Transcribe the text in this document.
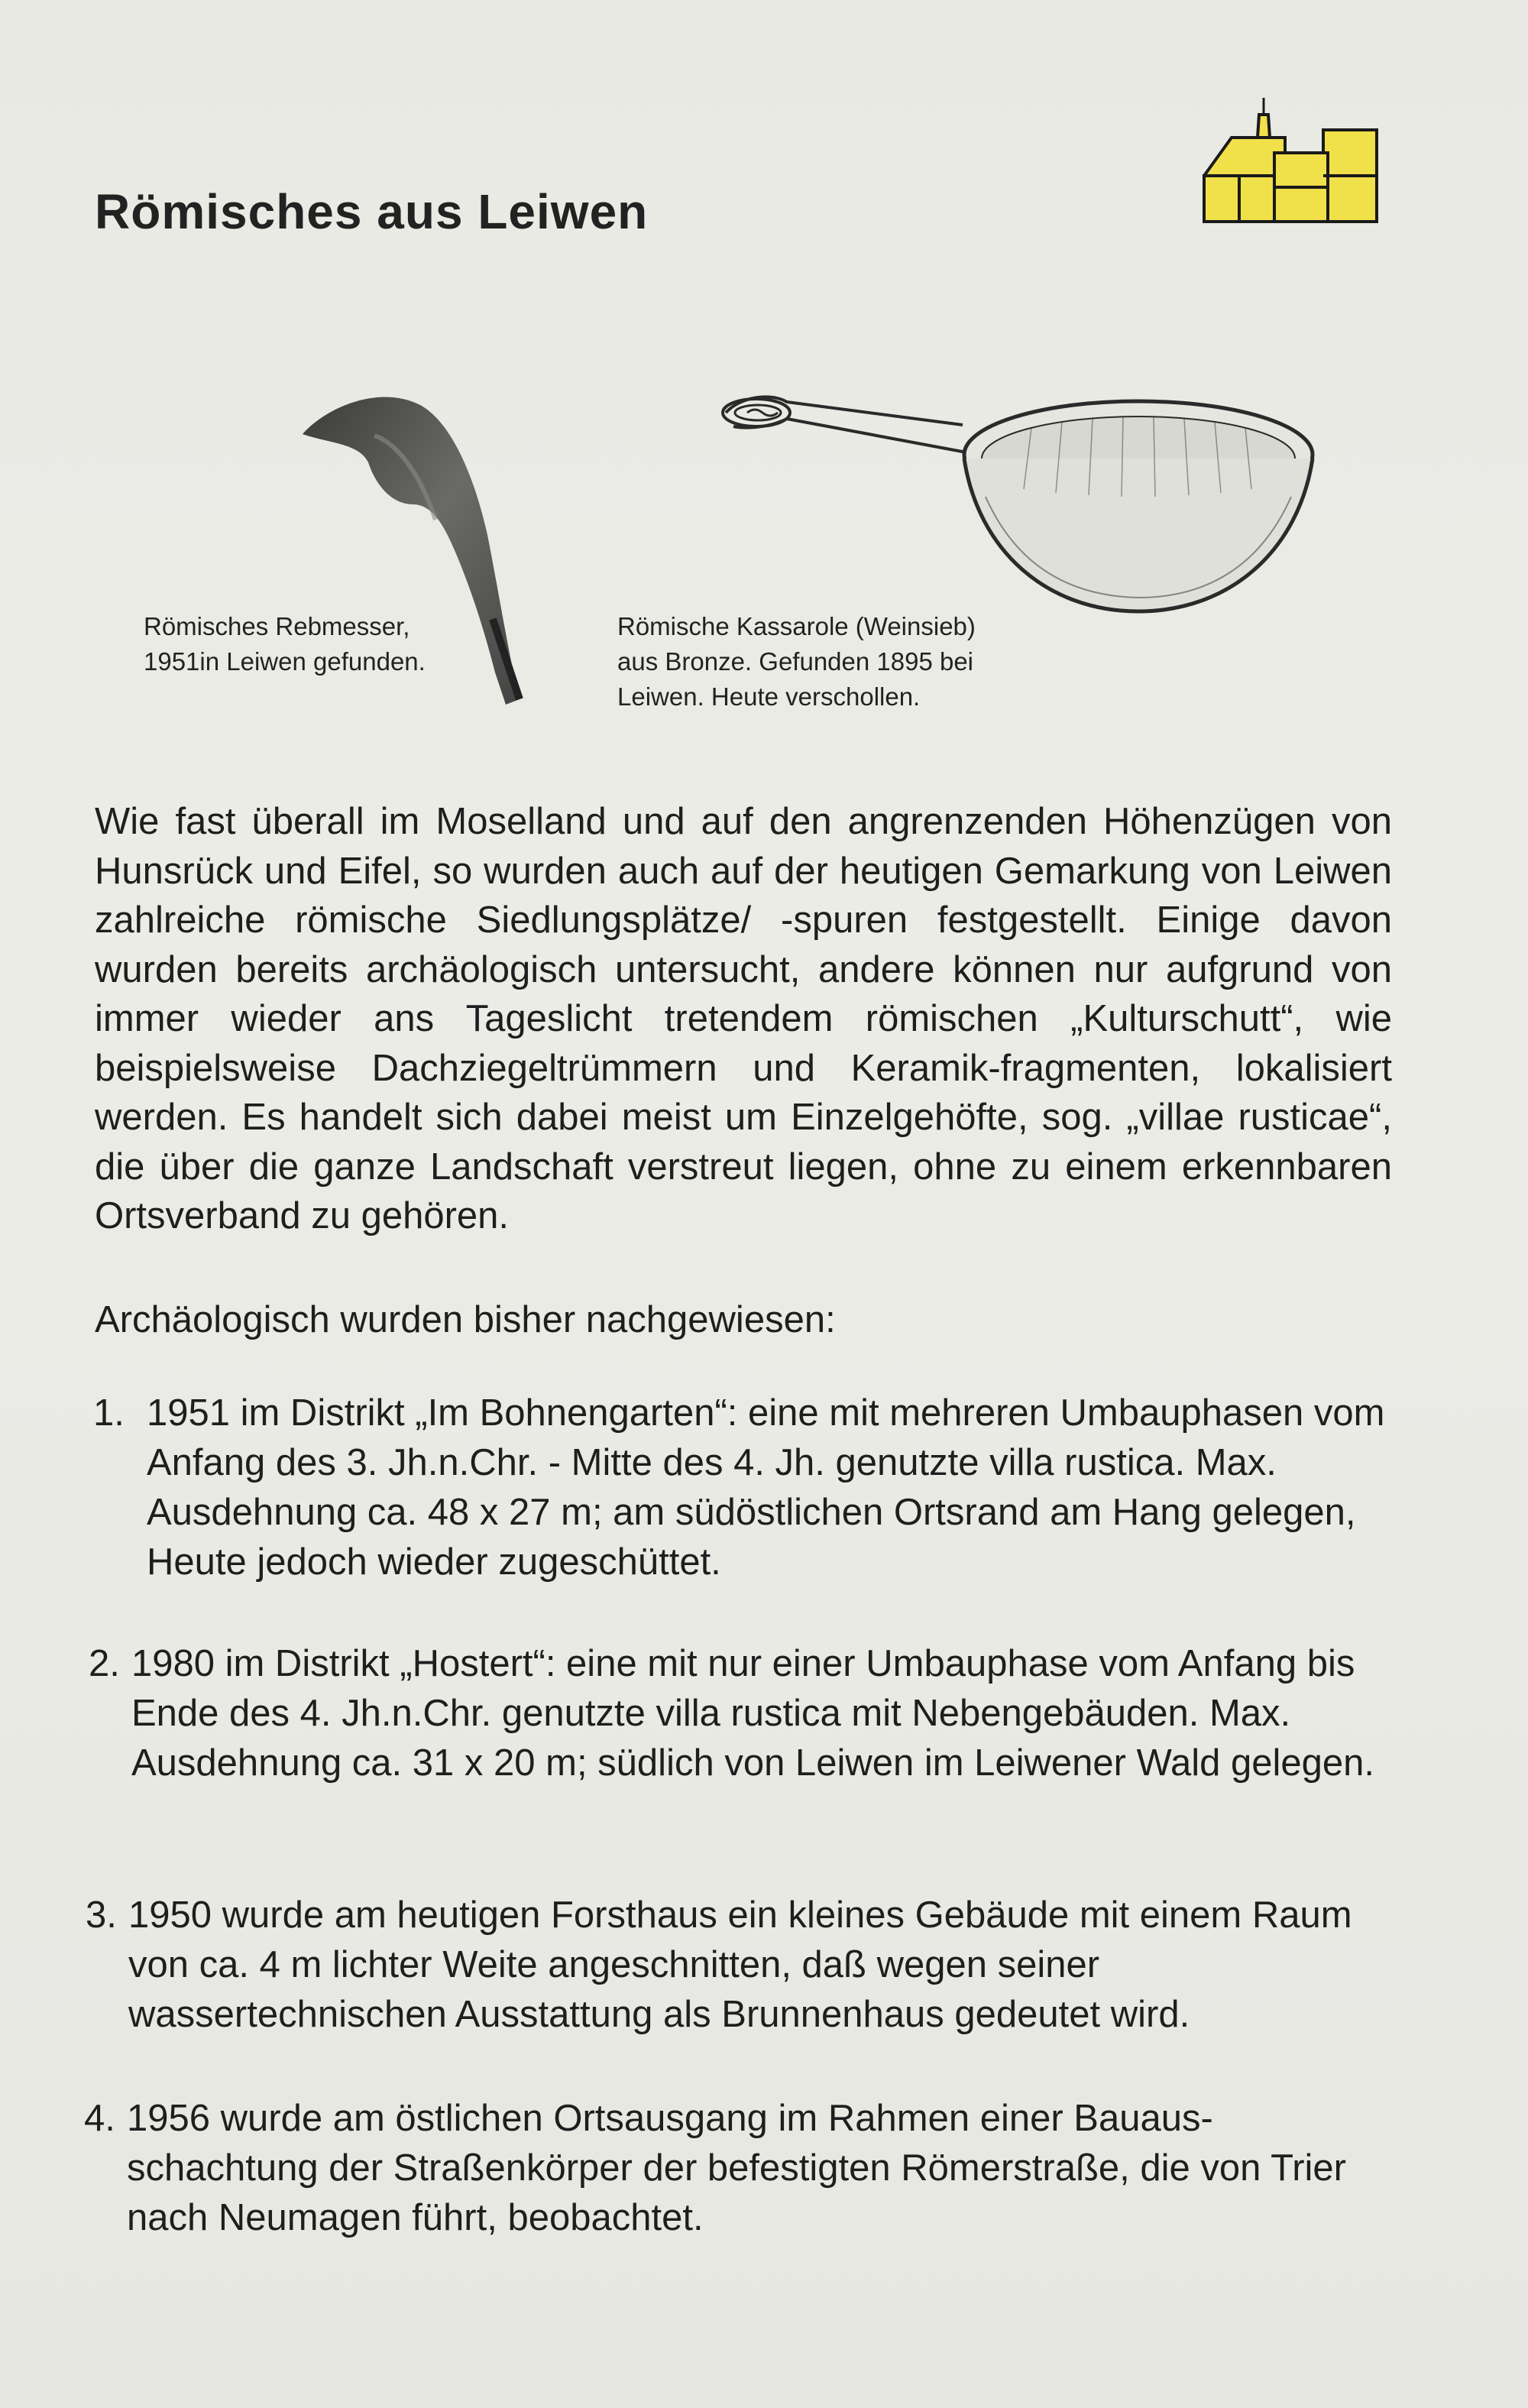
Römisches aus Leiwen
Römisches Rebmesser,
1951in Leiwen gefunden.
Römische Kassarole (Weinsieb)
aus Bronze. Gefunden 1895 bei
Leiwen. Heute verschollen.

Wie fast überall im Moselland und auf den angrenzenden Höhenzügen von Hunsrück und Eifel, so wurden auch auf der heutigen Gemarkung von Leiwen zahlreiche römische Siedlungsplätze/ -spuren festgestellt. Einige davon wurden bereits archäologisch untersucht, andere können nur aufgrund von immer wieder ans Tageslicht tretendem römischen „Kulturschutt“, wie beispielsweise Dachziegeltrümmern und Keramik-fragmenten, lokalisiert werden. Es handelt sich dabei meist um Einzelgehöfte, sog. „villae rusticae“, die über die ganze Landschaft verstreut liegen, ohne zu einem erkennbaren Ortsverband zu gehören.

Archäologisch wurden bisher nachgewiesen:
1. 1951 im Distrikt „Im Bohnengarten“: eine mit mehreren Umbauphasen vom Anfang des 3. Jh.n.Chr. - Mitte des 4. Jh. genutzte villa rustica. Max. Ausdehnung ca. 48 x 27 m; am südöstlichen Ortsrand am Hang gelegen, Heute jedoch wieder zugeschüttet.
2. 1980 im Distrikt „Hostert“: eine mit nur einer Umbauphase vom Anfang bis Ende des 4. Jh.n.Chr. genutzte villa rustica mit Nebengebäuden. Max. Ausdehnung ca. 31 x 20 m; südlich von Leiwen im Leiwener Wald gelegen.
3. 1950 wurde am heutigen Forsthaus ein kleines Gebäude mit einem Raum von ca. 4 m lichter Weite angeschnitten, daß wegen seiner wassertechnischen Ausstattung als Brunnenhaus gedeutet wird.
4. 1956 wurde am östlichen Ortsausgang im Rahmen einer Bauaus-schachtung der Straßenkörper der befestigten Römerstraße, die von Trier nach Neumagen führt, beobachtet.
